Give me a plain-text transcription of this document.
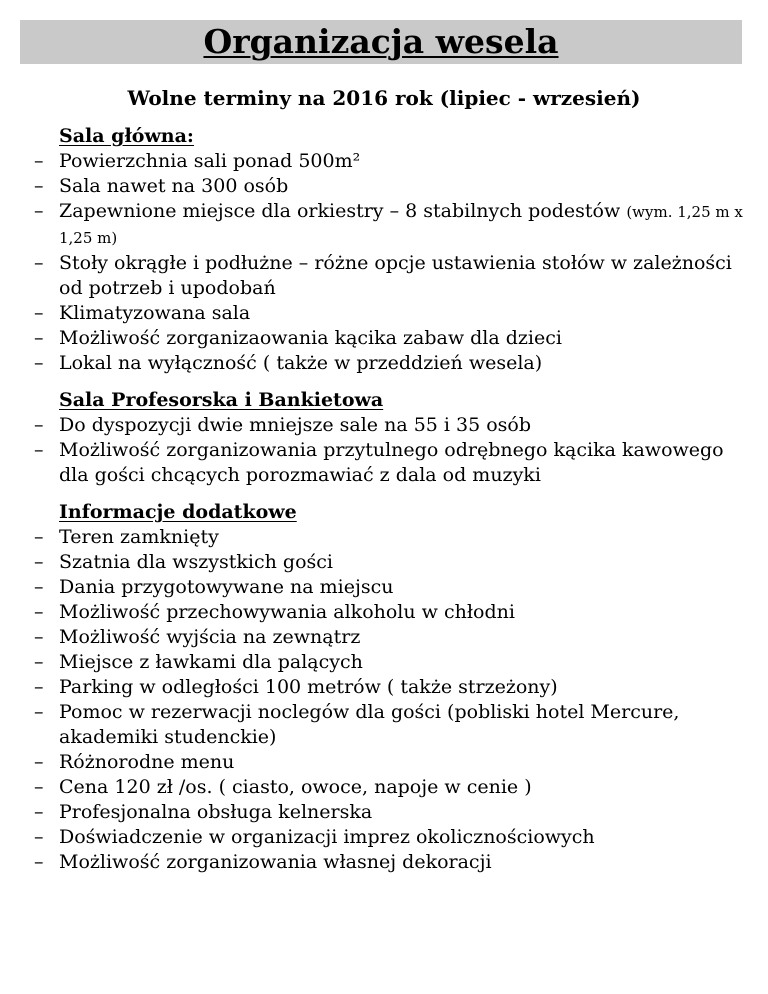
Organizacja wesela
Wolne terminy na 2016 rok (lipiec - wrzesień)
Sala główna:
– Powierzchnia sali ponad 500m²
– Sala nawet na 300 osób
– Zapewnione miejsce dla orkiestry – 8 stabilnych podestów (wym. 1,25 m x 1,25 m)
– Stoły okrągłe i podłużne – różne opcje ustawienia stołów w zależności od potrzeb i upodobań
– Klimatyzowana sala
– Możliwość zorganizaowania kącika zabaw dla dzieci
– Lokal na wyłączność ( także w przeddzień wesela)
Sala Profesorska i Bankietowa
– Do dyspozycji dwie mniejsze sale na 55 i 35 osób
– Możliwość zorganizowania przytulnego odrębnego kącika kawowego dla gości chcących porozmawiać z dala od muzyki
Informacje dodatkowe
– Teren zamknięty
– Szatnia dla wszystkich gości
– Dania przygotowywane na miejscu
– Możliwość przechowywania alkoholu w chłodni
– Możliwość wyjścia na zewnątrz
– Miejsce z ławkami dla palących
– Parking w odległości 100 metrów ( także strzeżony)
– Pomoc w rezerwacji noclegów dla gości (pobliski hotel Mercure, akademiki studenckie)
– Różnorodne menu
– Cena 120 zł /os. ( ciasto, owoce, napoje w cenie )
– Profesjonalna obsługa kelnerska
– Doświadczenie w organizacji imprez okolicznościowych
– Możliwość zorganizowania własnej dekoracji
